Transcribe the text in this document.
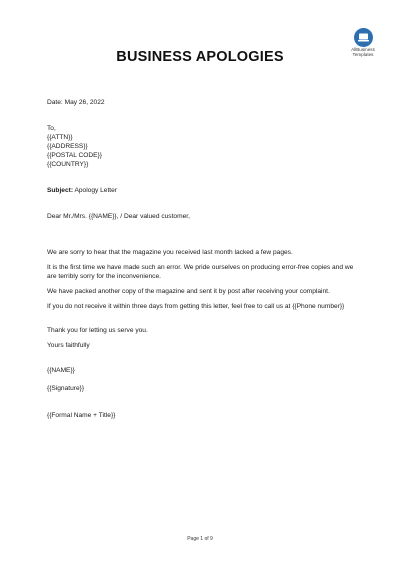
AllBusiness
Templates
BUSINESS APOLOGIES
Date: May 26, 2022
To,
{{ATTN}}
{{ADDRESS}}
{{POSTAL CODE}}
{{COUNTRY}}
Subject: Apology Letter
Dear Mr./Mrs. {{NAME}}, / Dear valued customer,
We are sorry to hear that the magazine you received last month lacked a few pages.
It is the first time we have made such an error. We pride ourselves on producing error-free copies and we are terribly sorry for the inconvenience.
We have packed another copy of the magazine and sent it by post after receiving your complaint.
If you do not receive it within three days from getting this letter, feel free to call us at {{Phone number}}
Thank you for letting us serve you.
Yours faithfully
{{NAME}}
{{Signature}}
{{Formal Name + Title}}
Page 1 of 9
